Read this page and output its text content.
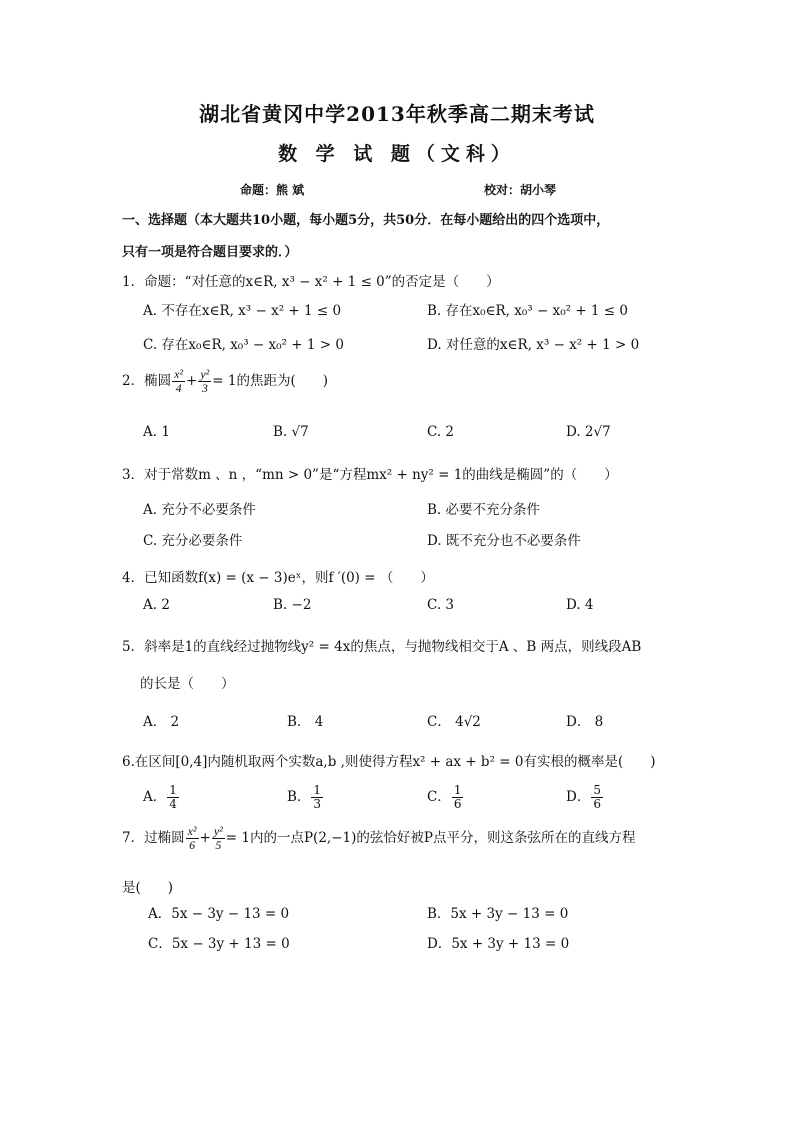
湖北省黄冈中学2013年秋季高二期末考试
数 学 试 题（文科）
命题：熊 斌	校对：胡小琴
一、选择题（本大题共10小题，每小题5分，共50分．在每小题给出的四个选项中，
只有一项是符合题目要求的．）
1．命题：“对任意的x∈R, x³ − x² + 1 ≤ 0”的否定是（　　）
A. 不存在x∈R, x³ − x² + 1 ≤ 0	B. 存在x₀∈R, x₀³ − x₀² + 1 ≤ 0
C. 存在x₀∈R, x₀³ − x₀² + 1 > 0	D. 对任意的x∈R, x³ − x² + 1 > 0
2．椭圆 $\frac{\text{x²}}{4} + \frac{\text{y²}}{3} = 1$的焦距为(　　)
A. 1	B. √7	C. 2	D. 2√7
3．对于常数m 、n ，“mn > 0”是“方程mx² + ny² = 1的曲线是椭圆”的（　　）
A. 充分不必要条件	B. 必要不充分条件
C. 充分必要条件	D. 既不充分也不必要条件
4．已知函数f(x) = (x − 3)eˣ，则f ′(0) = （　　）
A. 2	B. −2	C. 3	D. 4
5．斜率是1的直线经过抛物线y² = 4x的焦点，与抛物线相交于A 、B 两点，则线段AB
的长是（　　）
A． 2	B． 4	C． 4√2	D． 8
6.在区间[0,4]内随机取两个实数a,b ,则使得方程x² + ax + b² = 0有实根的概率是(　　)
A． $\frac{1}{4}$	B． $\frac{1}{3}$	C． $\frac{1}{6}$	D． $\frac{5}{6}$
7．过椭圆 $\frac{\text{x²}}{6} + \frac{\text{y²}}{5} = 1$内的一点P(2,−1)的弦恰好被P点平分，则这条弦所在的直线方程
是(　　)
A．5x − 3y − 13 = 0	B．5x + 3y − 13 = 0
C．5x − 3y + 13 = 0	D．5x + 3y + 13 = 0
